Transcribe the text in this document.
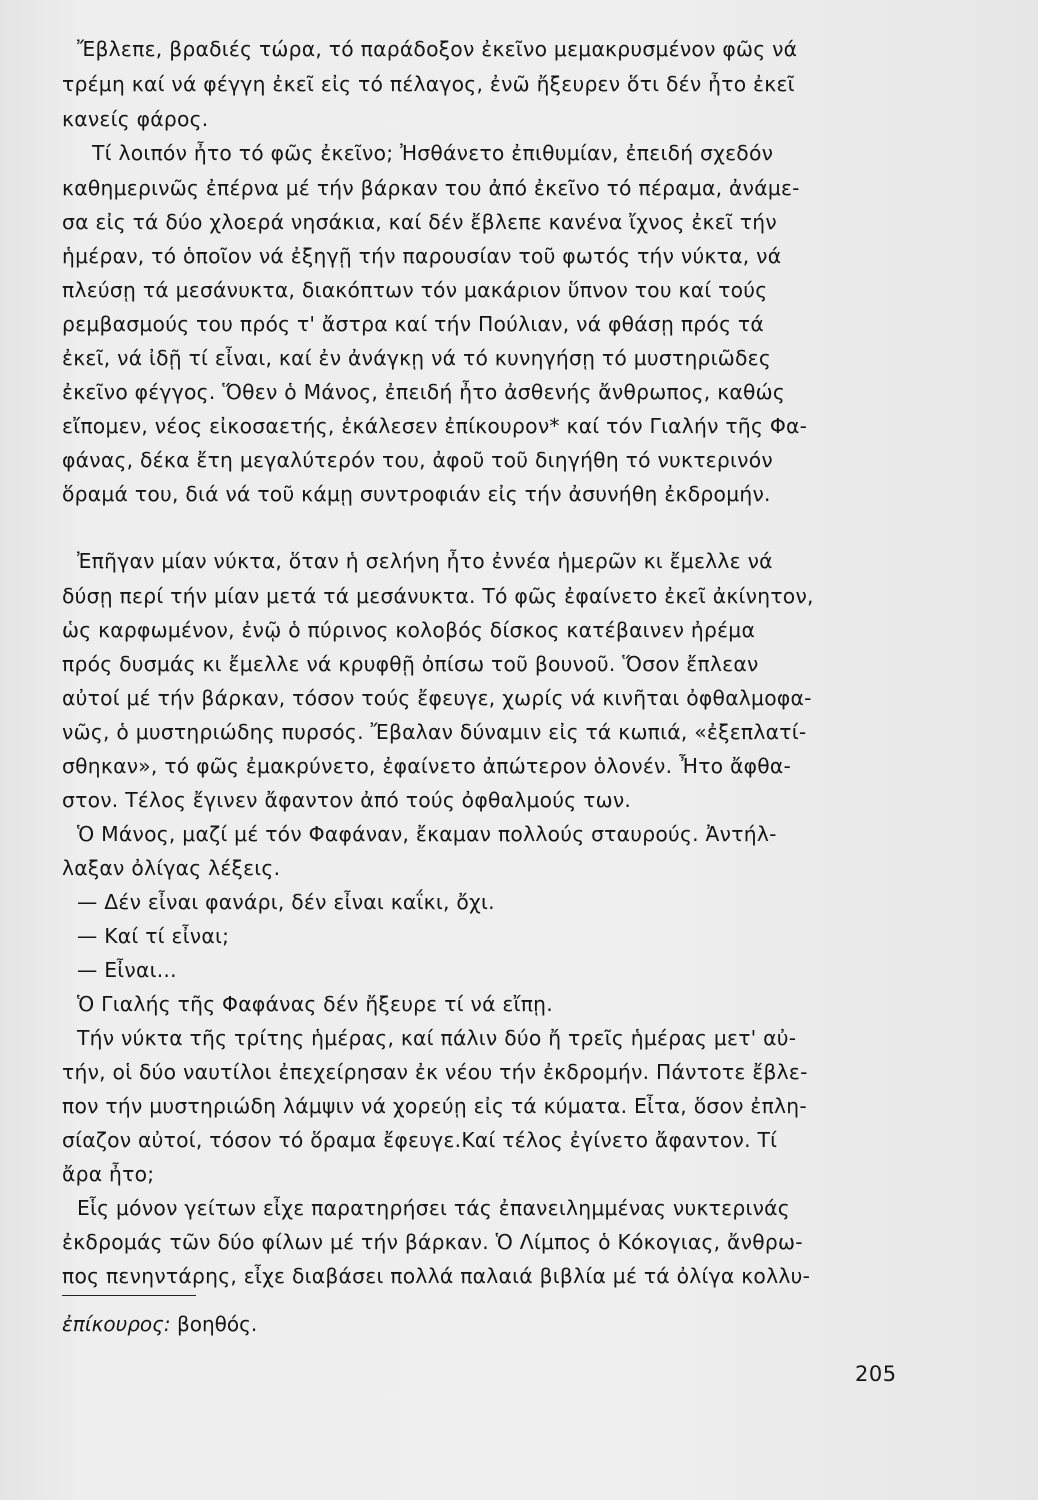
Ἔβλεπε, βραδιές τώρα, τό παράδοξον ἐκεῖνο μεμακρυσμένον φῶς νά
τρέμη καί νά φέγγη ἐκεῖ εἰς τό πέλαγος, ἐνῶ ἤξευρεν ὅτι δέν ἦτο ἐκεῖ
κανείς φάρος.
Τί λοιπόν ἦτο τό φῶς ἐκεῖνο; Ἠσθάνετο ἐπιθυμίαν, ἐπειδή σχεδόν
καθημερινῶς ἐπέρνα μέ τήν βάρκαν του ἀπό ἐκεῖνο τό πέραμα, ἀνάμε-
σα εἰς τά δύο χλοερά νησάκια, καί δέν ἔβλεπε κανένα ἴχνος ἐκεῖ τήν
ἡμέραν, τό ὁποῖον νά ἐξηγῇ τήν παρουσίαν τοῦ φωτός τήν νύκτα, νά
πλεύσῃ τά μεσάνυκτα, διακόπτων τόν μακάριον ὕπνον του καί τούς
ρεμβασμούς του πρός τ' ἄστρα καί τήν Πούλιαν, νά φθάσῃ πρός τά
ἐκεῖ, νά ἰδῇ τί εἶναι, καί ἐν ἀνάγκῃ νά τό κυνηγήσῃ τό μυστηριῶδες
ἐκεῖνο φέγγος. Ὅθεν ὁ Μάνος, ἐπειδή ἦτο ἀσθενής ἄνθρωπος, καθώς
εἴπομεν, νέος εἰκοσαετής, ἐκάλεσεν ἐπίκουρον* καί τόν Γιαλήν τῆς Φα-
φάνας, δέκα ἔτη μεγαλύτερόν του, ἀφοῦ τοῦ διηγήθη τό νυκτερινόν
ὅραμά του, διά νά τοῦ κάμῃ συντροφιάν εἰς τήν ἀσυνήθη ἐκδρομήν.
Ἐπῆγαν μίαν νύκτα, ὅταν ἡ σελήνη ἦτο ἐννέα ἡμερῶν κι ἔμελλε νά
δύσῃ περί τήν μίαν μετά τά μεσάνυκτα. Τό φῶς ἐφαίνετο ἐκεῖ ἀκίνητον,
ὡς καρφωμένον, ἐνῷ ὁ πύρινος κολοβός δίσκος κατέβαινεν ἠρέμα
πρός δυσμάς κι ἔμελλε νά κρυφθῇ ὀπίσω τοῦ βουνοῦ. Ὅσον ἔπλεαν
αὐτοί μέ τήν βάρκαν, τόσον τούς ἔφευγε, χωρίς νά κινῆται ὀφθαλμοφα-
νῶς, ὁ μυστηριώδης πυρσός. Ἔβαλαν δύναμιν εἰς τά κωπιά, «ἐξεπλατί-
σθηκαν», τό φῶς ἐμακρύνετο, ἐφαίνετο ἀπώτερον ὁλονέν. Ἦτο ἄφθα-
στον. Τέλος ἔγινεν ἄφαντον ἀπό τούς ὀφθαλμούς των.
Ὁ Μάνος, μαζί μέ τόν Φαφάναν, ἔκαμαν πολλούς σταυρούς. Ἀντήλ-
λαξαν ὀλίγας λέξεις.
— Δέν εἶναι φανάρι, δέν εἶναι καΐκι, ὄχι.
— Καί τί εἶναι;
— Εἶναι...
Ὁ Γιαλής τῆς Φαφάνας δέν ἤξευρε τί νά εἴπῃ.
Τήν νύκτα τῆς τρίτης ἡμέρας, καί πάλιν δύο ἤ τρεῖς ἡμέρας μετ' αὐ-
τήν, οἱ δύο ναυτίλοι ἐπεχείρησαν ἐκ νέου τήν ἐκδρομήν. Πάντοτε ἔβλε-
πον τήν μυστηριώδη λάμψιν νά χορεύῃ εἰς τά κύματα. Εἶτα, ὅσον ἐπλη-
σίαζον αὐτοί, τόσον τό ὅραμα ἔφευγε.Καί τέλος ἐγίνετο ἄφαντον. Τί
ἄρα ἦτο;
Εἷς μόνον γείτων εἶχε παρατηρήσει τάς ἐπανειλημμένας νυκτερινάς
ἐκδρομάς τῶν δύο φίλων μέ τήν βάρκαν. Ὁ Λίμπος ὁ Κόκογιας, ἄνθρω-
πος πενηντάρης, εἶχε διαβάσει πολλά παλαιά βιβλία μέ τά ὀλίγα κολλυ-
ἐπίκουρος: βοηθός.
205
